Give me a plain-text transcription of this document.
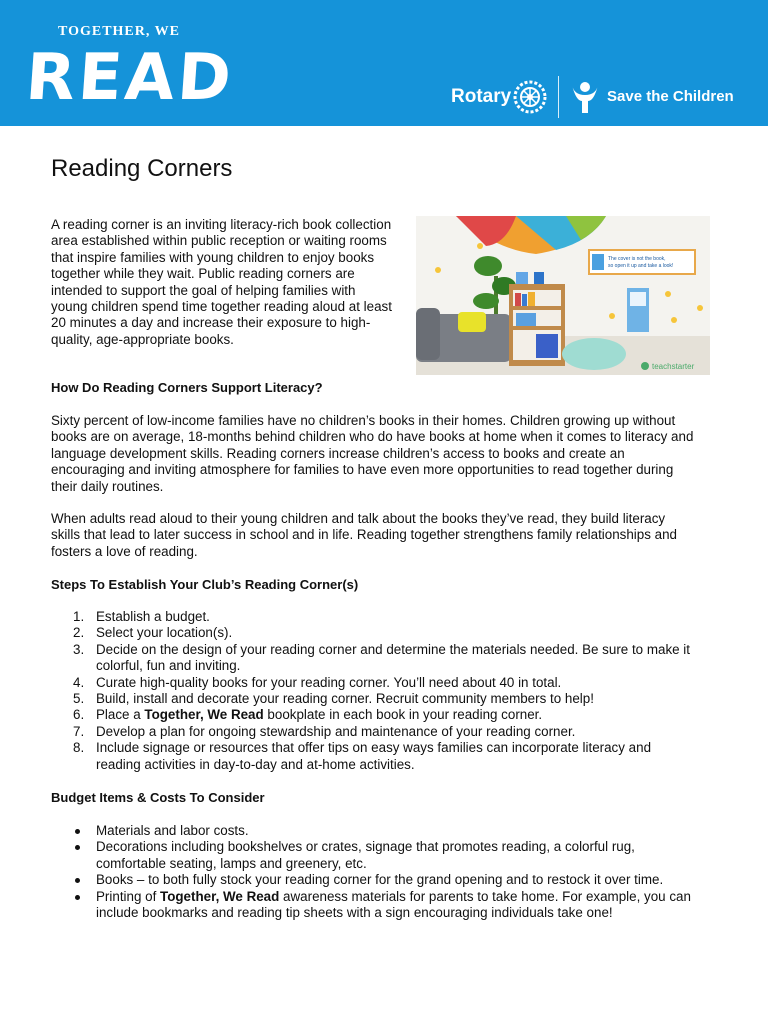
TOGETHER, WE
READ	Rotary	Save the Children
Reading Corners
A reading corner is an inviting literacy-rich book collection
area established within public reception or waiting rooms
that inspire families with young children to enjoy books
together while they wait. Public reading corners are
intended to support the goal of helping families with
young children spend time together reading aloud at least
20 minutes a day and increase their exposure to high-
quality, age-appropriate books.
The cover is not the book,
so open it up and take a look!
teachstarter
How Do Reading Corners Support Literacy?
Sixty percent of low-income families have no children’s books in their homes. Children growing up without
books are on average, 18-months behind children who do have books at home when it comes to literacy and
language development skills. Reading corners increase children’s access to books and create an
encouraging and inviting atmosphere for families to have even more opportunities to read together during
their daily routines.
When adults read aloud to their young children and talk about the books they’ve read, they build literacy
skills that lead to later success in school and in life. Reading together strengthens family relationships and
fosters a love of reading.
Steps To Establish Your Club’s Reading Corner(s)
1. Establish a budget.
2. Select your location(s).
3. Decide on the design of your reading corner and determine the materials needed. Be sure to make it
colorful, fun and inviting.
4. Curate high-quality books for your reading corner. You’ll need about 40 in total.
5. Build, install and decorate your reading corner. Recruit community members to help!
6. Place a Together, We Read bookplate in each book in your reading corner.
7. Develop a plan for ongoing stewardship and maintenance of your reading corner.
8. Include signage or resources that offer tips on easy ways families can incorporate literacy and
reading activities in day-to-day and at-home activities.
Budget Items & Costs To Consider
Materials and labor costs.
Decorations including bookshelves or crates, signage that promotes reading, a colorful rug,
comfortable seating, lamps and greenery, etc.
Books – to both fully stock your reading corner for the grand opening and to restock it over time.
Printing of Together, We Read awareness materials for parents to take home. For example, you can
include bookmarks and reading tip sheets with a sign encouraging individuals take one!
